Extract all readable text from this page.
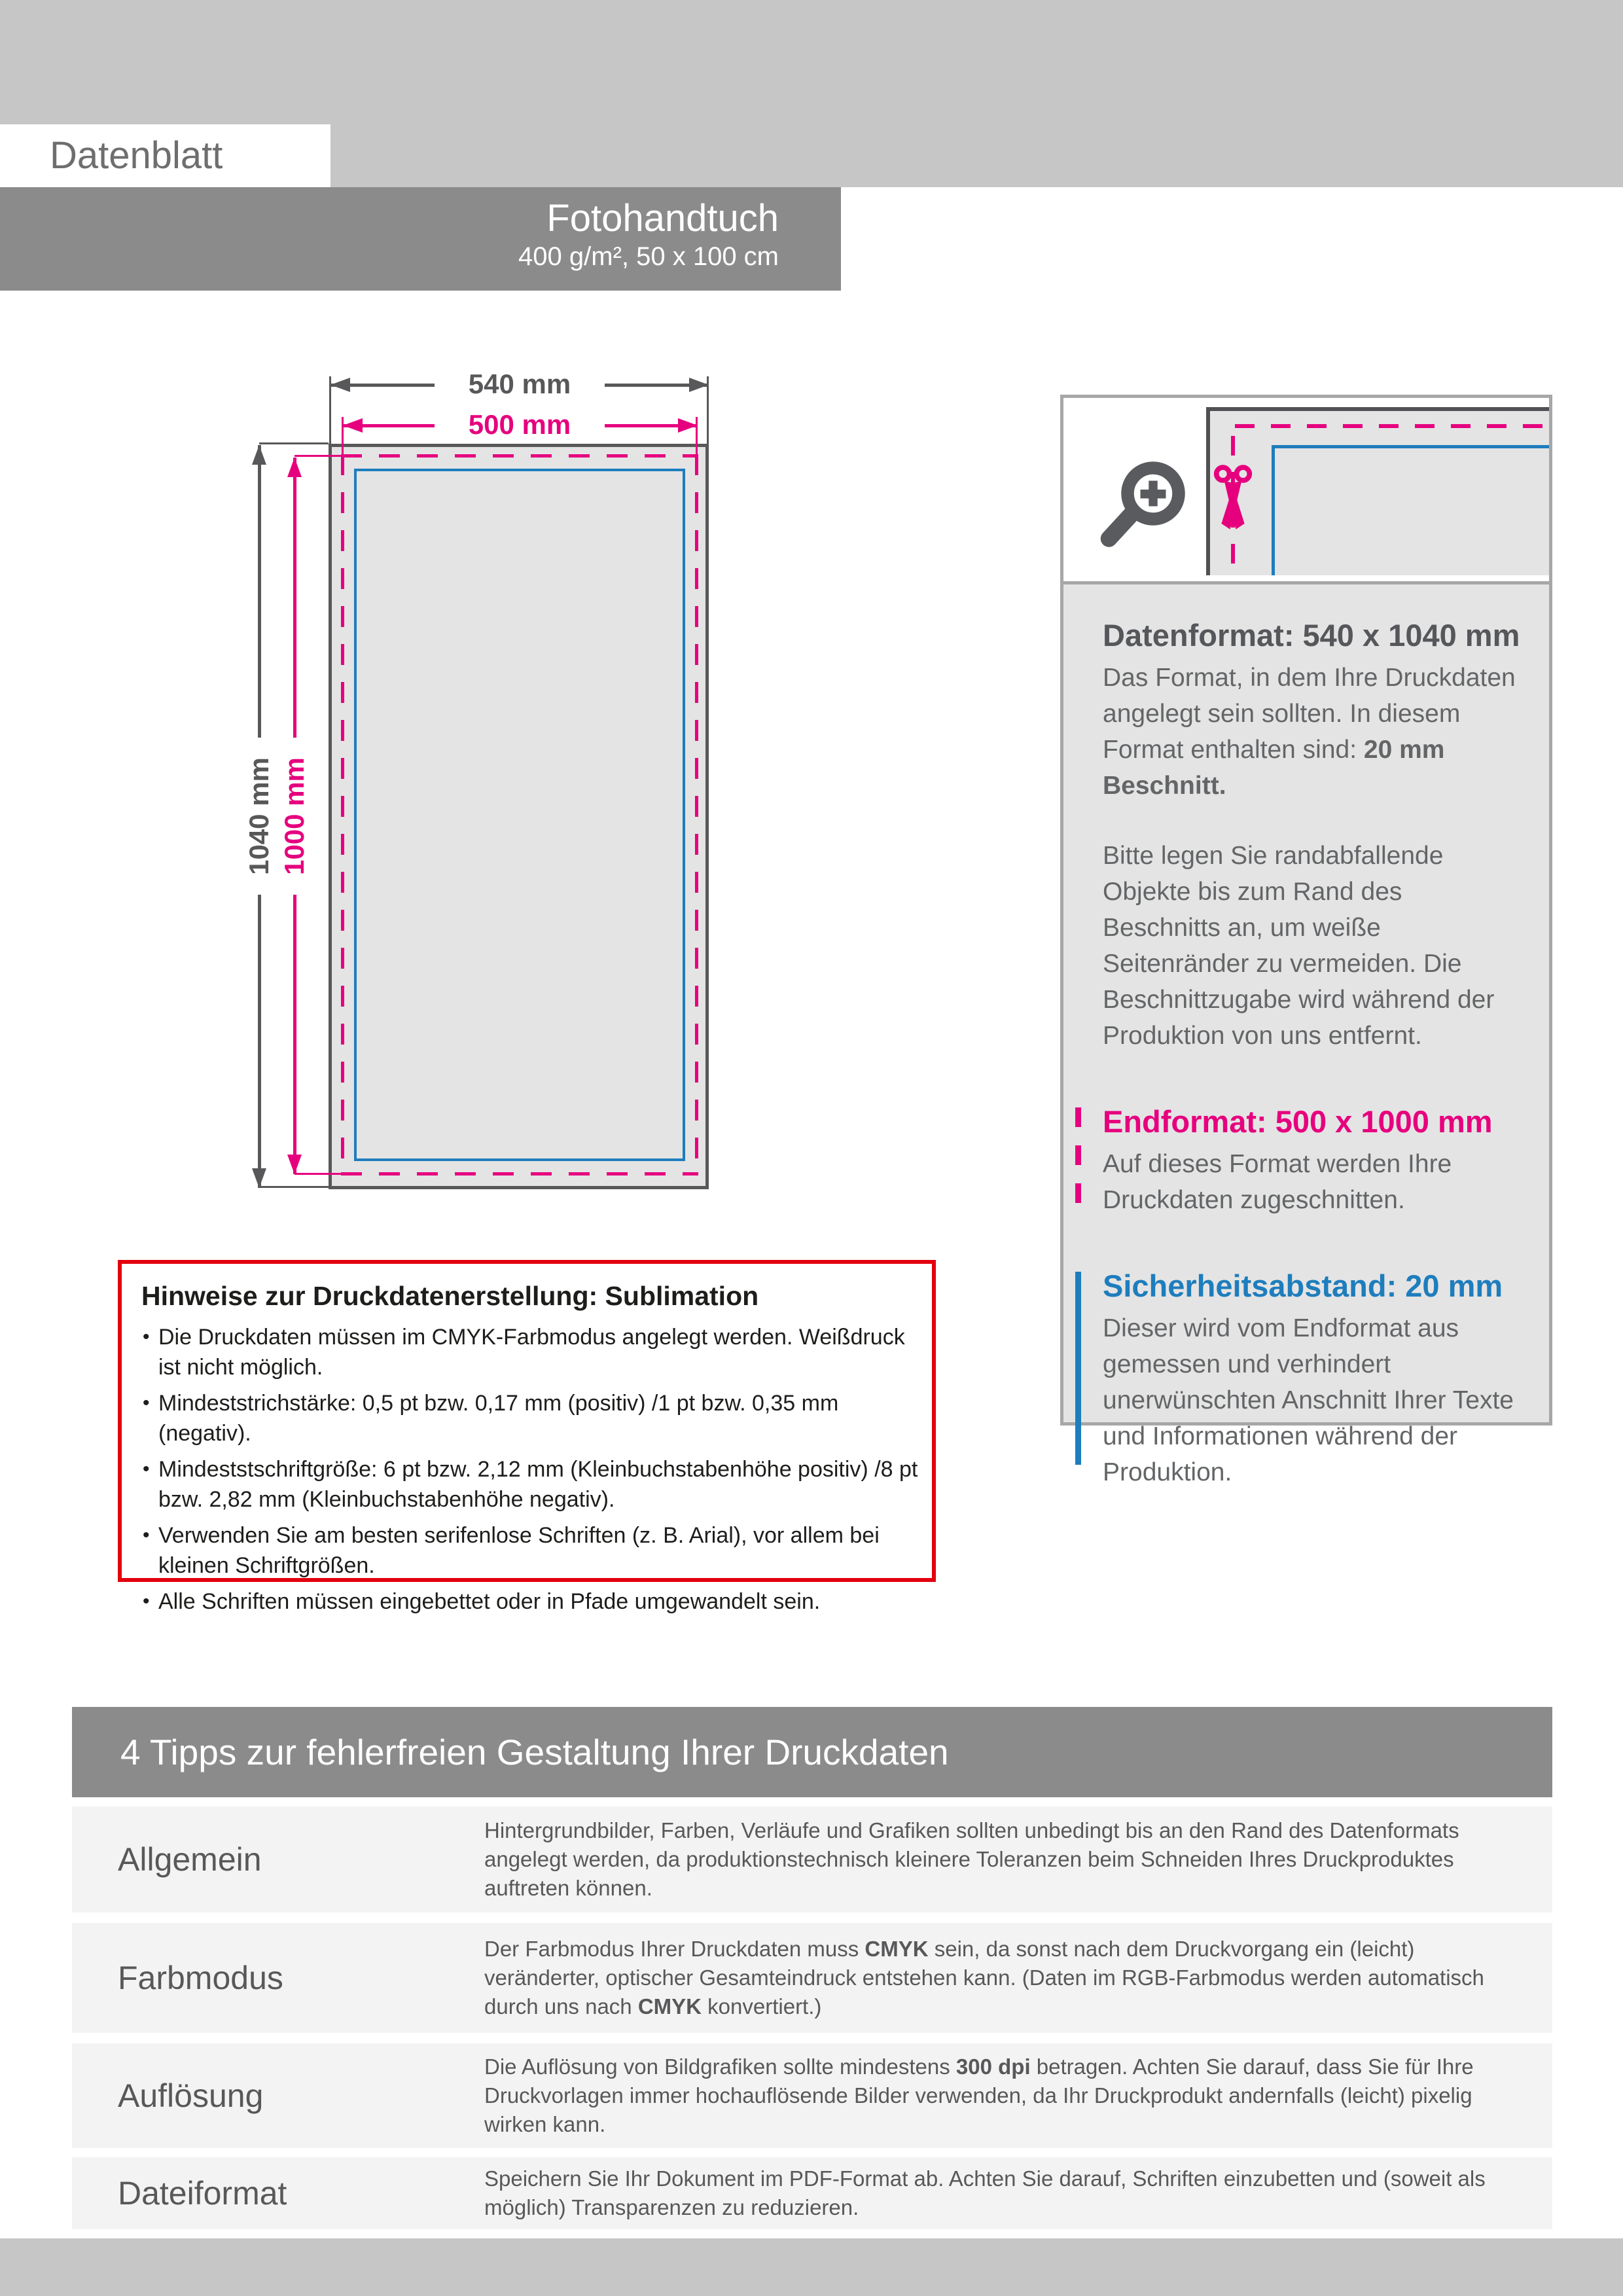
Datenblatt
Fotohandtuch
400 g/m², 50 x 100 cm
540 mm
500 mm
1040 mm 1000 mm
Datenformat: 540 x 1040 mm

Das Format, in dem Ihre Druckdaten angelegt sein sollten. In diesem Format enthalten sind: 20 mm Beschnitt.

Bitte legen Sie randabfallende Objekte bis zum Rand des Beschnitts an, um weiße Seitenränder zu vermeiden. Die Beschnittzugabe wird während der Produktion von uns entfernt.

Endformat: 500 x 1000 mm

Auf dieses Format werden Ihre Druckdaten zugeschnitten.

Sicherheitsabstand: 20 mm

Dieser wird vom Endformat aus gemessen und verhindert unerwünschten Anschnitt Ihrer Texte und Informationen während der Produktion.

Hinweise zur Druckdatenerstellung: Sublimation
• Die Druckdaten müssen im CMYK-Farbmodus angelegt werden. Weißdruck ist nicht möglich.
• Mindeststrichstärke: 0,5 pt bzw. 0,17 mm (positiv) /1 pt bzw. 0,35 mm (negativ).
• Mindeststschriftgröße: 6 pt bzw. 2,12 mm (Kleinbuchstabenhöhe positiv) /8 pt bzw. 2,82 mm (Kleinbuchstabenhöhe negativ).
• Verwenden Sie am besten serifenlose Schriften (z. B. Arial), vor allem bei kleinen Schriftgrößen.
• Alle Schriften müssen eingebettet oder in Pfade umgewandelt sein.
4 Tipps zur fehlerfreien Gestaltung Ihrer Druckdaten
Allgemein
Hintergrundbilder, Farben, Verläufe und Grafiken sollten unbedingt bis an den Rand des Datenformats angelegt werden, da produktionstechnisch kleinere Toleranzen beim Schneiden Ihres Druckproduktes auftreten können.
Farbmodus
Der Farbmodus Ihrer Druckdaten muss CMYK sein, da sonst nach dem Druckvorgang ein (leicht) veränderter, optischer Gesamteindruck entstehen kann. (Daten im RGB-Farbmodus werden automatisch durch uns nach CMYK konvertiert.)
Auflösung
Die Auflösung von Bildgrafiken sollte mindestens 300 dpi betragen. Achten Sie darauf, dass Sie für Ihre Druckvorlagen immer hochauflösende Bilder verwenden, da Ihr Druckprodukt andernfalls (leicht) pixelig wirken kann.
Dateiformat	Speichern Sie Ihr Dokument im PDF-Format ab. Achten Sie darauf, Schriften einzubetten und (soweit als möglich) Transparenzen zu reduzieren.
